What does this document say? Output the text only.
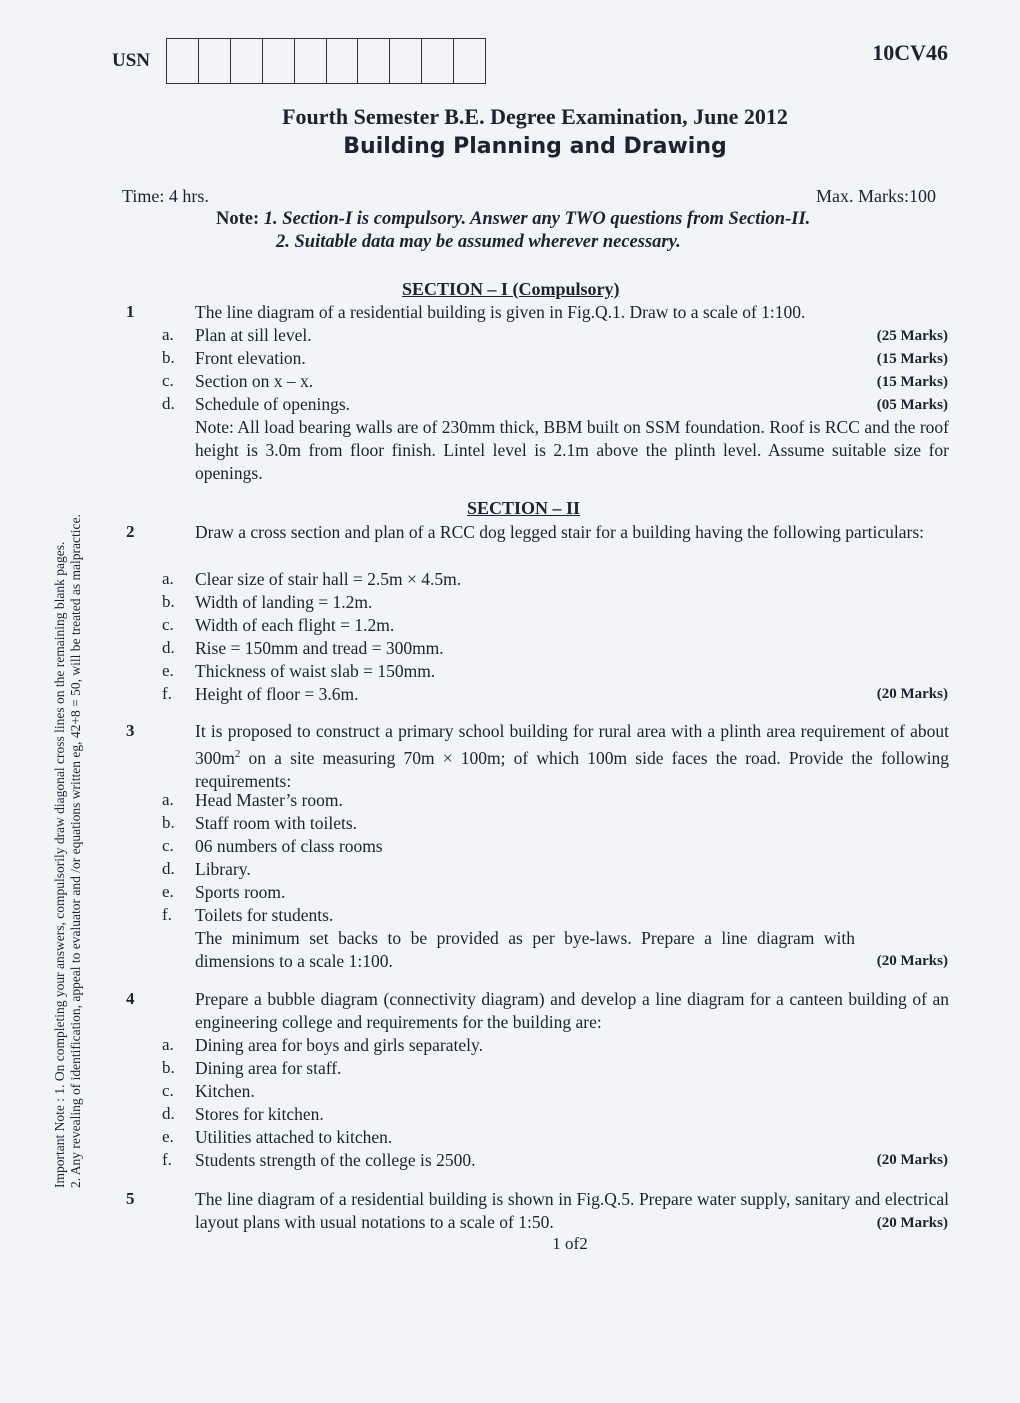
USN	10CV46
Fourth Semester B.E. Degree Examination, June 2012
Building Planning and Drawing
Time: 4 hrs.	Max. Marks:100
Note: 1. Section-I is compulsory. Answer any TWO questions from Section-II.
2. Suitable data may be assumed wherever necessary.
Important Note : 1. On completing your answers, compulsorily draw diagonal cross lines on the remaining blank pages. 2. Any revealing of identification, appeal to evaluator and /or equations written eg, 42+8 = 50, will be treated as malpractice.
SECTION – I (Compulsory)
1	The line diagram of a residential building is given in Fig.Q.1. Draw to a scale of 1:100.
a. Plan at sill level.	(25 Marks)
b. Front elevation.	(15 Marks)
c. Section on x – x.	(15 Marks)
d. Schedule of openings.	(05 Marks)
Note: All load bearing walls are of 230mm thick, BBM built on SSM foundation. Roof is RCC and the roof height is 3.0m from floor finish. Lintel level is 2.1m above the plinth level. Assume suitable size for openings.
SECTION – II
2	Draw a cross section and plan of a RCC dog legged stair for a building having the following particulars:
a. Clear size of stair hall = 2.5m × 4.5m.
b. Width of landing = 1.2m.
c. Width of each flight = 1.2m.
d. Rise = 150mm and tread = 300mm.
e. Thickness of waist slab = 150mm.
f. Height of floor = 3.6m.	(20 Marks)
3	It is proposed to construct a primary school building for rural area with a plinth area requirement of about $300m^2$ on a site measuring 70m × 100m; of which 100m side faces the road. Provide the following requirements:
a. Head Master’s room.
b. Staff room with toilets.
c. 06 numbers of class rooms
d. Library.
e. Sports room.
f. Toilets for students.
The minimum set backs to be provided as per bye-laws. Prepare a line diagram with dimensions to a scale 1:100.	(20 Marks)
4	Prepare a bubble diagram (connectivity diagram) and develop a line diagram for a canteen building of an engineering college and requirements for the building are:
a. Dining area for boys and girls separately.
b. Dining area for staff.
c. Kitchen.
d. Stores for kitchen.
e. Utilities attached to kitchen.
f. Students strength of the college is 2500.	(20 Marks)
5	The line diagram of a residential building is shown in Fig.Q.5. Prepare water supply, sanitary and electrical layout plans with usual notations to a scale of 1:50.	(20 Marks)
1 of2
